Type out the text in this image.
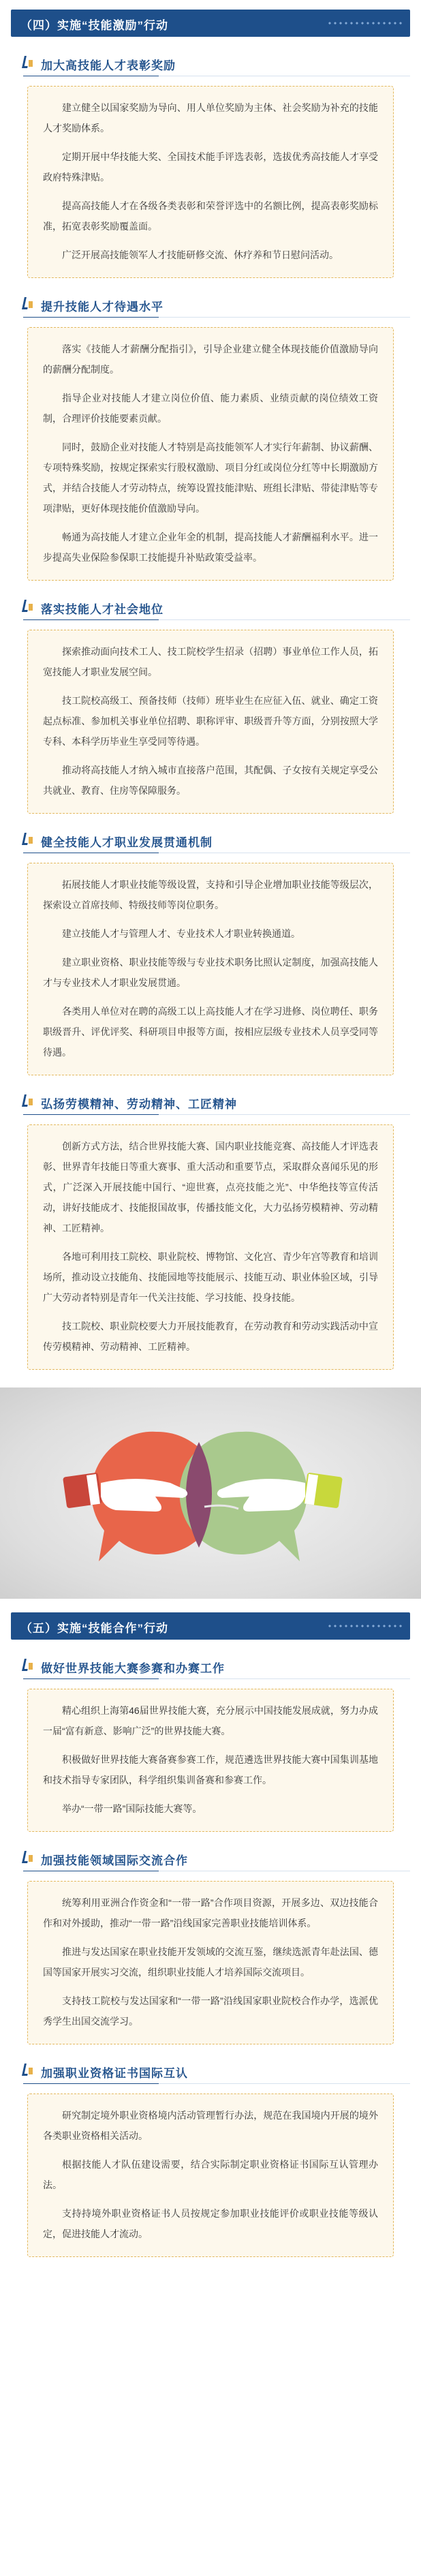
（四）实施“技能激励”行动
加大高技能人才表彰奖励

建立健全以国家奖励为导向、用人单位奖励为主体、社会奖励为补充的技能人才奖励体系。

定期开展中华技能大奖、全国技术能手评选表彰，选拔优秀高技能人才享受政府特殊津贴。

提高高技能人才在各级各类表彰和荣誉评选中的名额比例，提高表彰奖励标准，拓宽表彰奖励覆盖面。

广泛开展高技能领军人才技能研修交流、休疗养和节日慰问活动。

提升技能人才待遇水平

落实《技能人才薪酬分配指引》，引导企业建立健全体现技能价值激励导向的薪酬分配制度。

指导企业对技能人才建立岗位价值、能力素质、业绩贡献的岗位绩效工资制，合理评价技能要素贡献。

同时，鼓励企业对技能人才特别是高技能领军人才实行年薪制、协议薪酬、专项特殊奖励，按规定探索实行股权激励、项目分红或岗位分红等中长期激励方式，并结合技能人才劳动特点，统筹设置技能津贴、班组长津贴、带徒津贴等专项津贴，更好体现技能价值激励导向。

畅通为高技能人才建立企业年金的机制，提高技能人才薪酬福利水平。进一步提高失业保险参保职工技能提升补贴政策受益率。

落实技能人才社会地位

探索推动面向技术工人、技工院校学生招录（招聘）事业单位工作人员，拓宽技能人才职业发展空间。

技工院校高级工、预备技师（技师）班毕业生在应征入伍、就业、确定工资起点标准、参加机关事业单位招聘、职称评审、职级晋升等方面，分别按照大学专科、本科学历毕业生享受同等待遇。

推动将高技能人才纳入城市直接落户范围，其配偶、子女按有关规定享受公共就业、教育、住房等保障服务。

健全技能人才职业发展贯通机制

拓展技能人才职业技能等级设置，支持和引导企业增加职业技能等级层次，探索设立首席技师、特级技师等岗位职务。

建立技能人才与管理人才、专业技术人才职业转换通道。

建立职业资格、职业技能等级与专业技术职务比照认定制度，加强高技能人才与专业技术人才职业发展贯通。

各类用人单位对在聘的高级工以上高技能人才在学习进修、岗位聘任、职务职级晋升、评优评奖、科研项目申报等方面，按相应层级专业技术人员享受同等待遇。

弘扬劳模精神、劳动精神、工匠精神

创新方式方法，结合世界技能大赛、国内职业技能竞赛、高技能人才评选表彰、世界青年技能日等重大赛事、重大活动和重要节点，采取群众喜闻乐见的形式，广泛深入开展技能中国行、“迎世赛，点亮技能之光”、中华绝技等宣传活动，讲好技能成才、技能报国故事，传播技能文化，大力弘扬劳模精神、劳动精神、工匠精神。

各地可利用技工院校、职业院校、博物馆、文化宫、青少年宫等教育和培训场所，推动设立技能角、技能园地等技能展示、技能互动、职业体验区域，引导广大劳动者特别是青年一代关注技能、学习技能、投身技能。

技工院校、职业院校要大力开展技能教育，在劳动教育和劳动实践活动中宣传劳模精神、劳动精神、工匠精神。

（五）实施“技能合作”行动
做好世界技能大赛参赛和办赛工作

精心组织上海第46届世界技能大赛，充分展示中国技能发展成就，努力办成一届“富有新意、影响广泛”的世界技能大赛。

积极做好世界技能大赛备赛参赛工作，规范遴选世界技能大赛中国集训基地和技术指导专家团队，科学组织集训备赛和参赛工作。

举办“一带一路”国际技能大赛等。

加强技能领域国际交流合作

统筹利用亚洲合作资金和“一带一路”合作项目资源，开展多边、双边技能合作和对外援助，推动“一带一路”沿线国家完善职业技能培训体系。

推进与发达国家在职业技能开发领域的交流互鉴，继续选派青年赴法国、德国等国家开展实习交流，组织职业技能人才培养国际交流项目。

支持技工院校与发达国家和“一带一路”沿线国家职业院校合作办学，选派优秀学生出国交流学习。

加强职业资格证书国际互认

研究制定境外职业资格境内活动管理暂行办法，规范在我国境内开展的境外各类职业资格相关活动。

根据技能人才队伍建设需要，结合实际制定职业资格证书国际互认管理办法。

支持持境外职业资格证书人员按规定参加职业技能评价或职业技能等级认定，促进技能人才流动。
